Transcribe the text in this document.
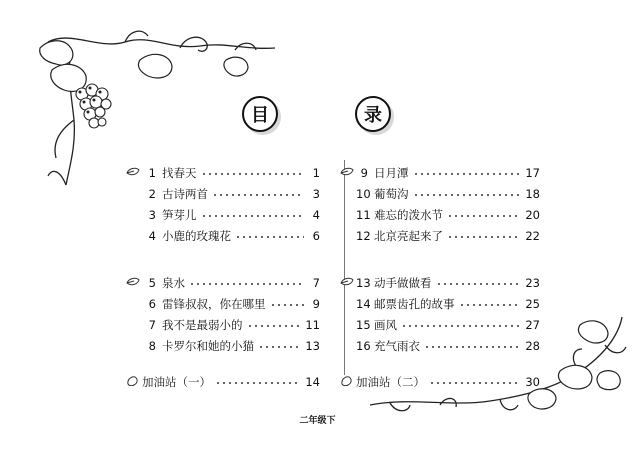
目	录
1 找春天	1
2 古诗两首	3
3 笋芽儿	4
4 小鹿的玫瑰花	6
5 泉水	7
6 雷锋叔叔，你在哪里	9
7 我不是最弱小的	11
8 卡罗尔和她的小猫	13
加油站（一）	14
9 日月潭	17
10 葡萄沟	18
11 难忘的泼水节	20
12 北京亮起来了	22
13 动手做做看	23
14 邮票齿孔的故事	25
15 画风	27
16 充气雨衣	28
加油站（二）	30
二年级下
